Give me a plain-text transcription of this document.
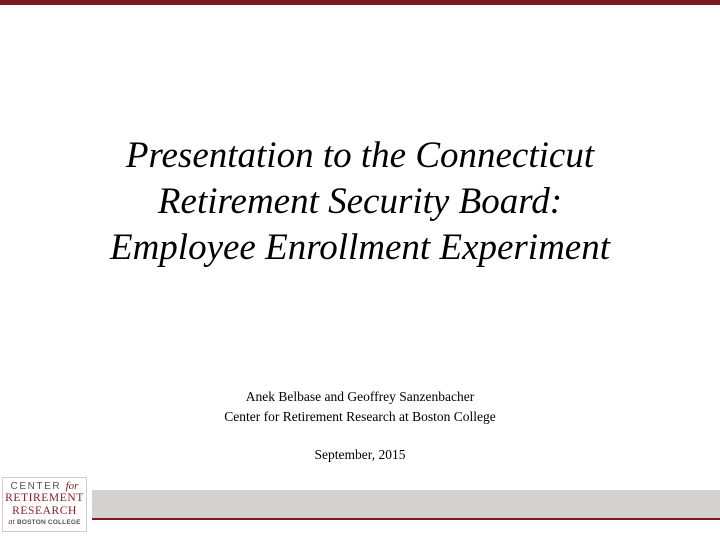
Presentation to the Connecticut
Retirement Security Board:
Employee Enrollment Experiment
Anek Belbase and Geoffrey Sanzenbacher
Center for Retirement Research at Boston College
September, 2015
CENTER for
RETIREMENT
RESEARCH
at BOSTON COLLEGE
